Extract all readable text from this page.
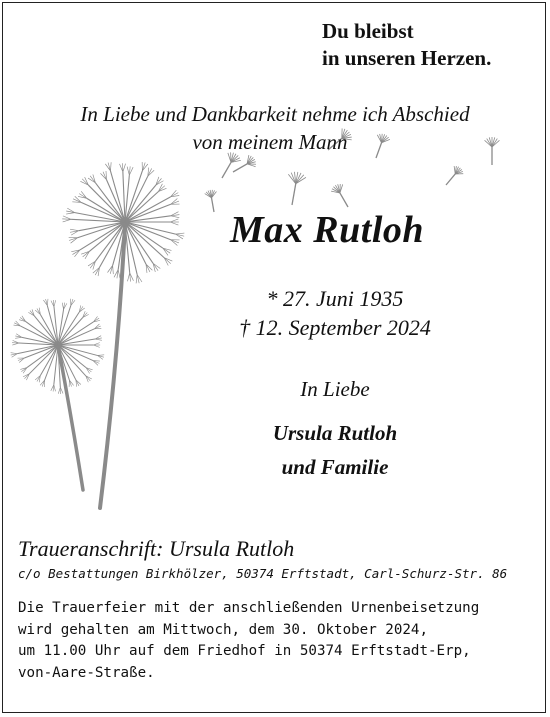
Du bleibst
in unseren Herzen.
In Liebe und Dankbarkeit nehme ich Abschied
von meinem Mann
Max Rutloh
* 27. Juni 1935
† 12. September 2024
In Liebe
Ursula Rutloh
und Familie
Traueranschrift: Ursula Rutloh
c/o Bestattungen Birkhölzer, 50374 Erftstadt, Carl-Schurz-Str. 86
Die Trauerfeier mit der anschließenden Urnenbeisetzung
wird gehalten am Mittwoch, dem 30. Oktober 2024,
um 11.00 Uhr auf dem Friedhof in 50374 Erftstadt-Erp,
von-Aare-Straße.
